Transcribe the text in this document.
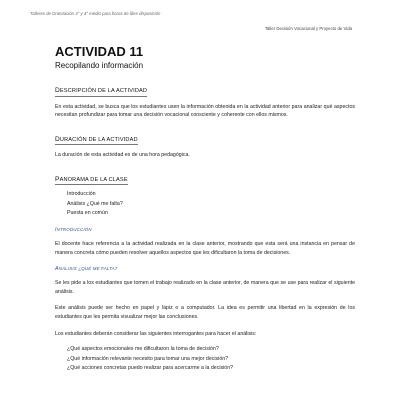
Talleres de Orientación 3° y 4° medio para horas de libre disposición
Taller Decisión Vocacional y Proyecto de Vida
ACTIVIDAD 11
Recopilando información
DESCRIPCIÓN DE LA ACTIVIDAD

En esta actividad, se busca que los estudiantes usen la información obtenida en la actividad anterior para analizar qué aspectos necesitan profundizar para tomar una decisión vocacional consciente y coherente con ellos mismos.

DURACIÓN DE LA ACTIVIDAD

La duración de esta actividad es de una hora pedagógica.

PANORAMA DE LA CLASE
Introducción
Análisis ¿Qué me falta?
Puesta en común
INTRODUCCIÓN

El docente hace referencia a la actividad realizada en la clase anterior, mostrando que esta será una instancia en pensar de manera concreta cómo pueden resolver aquellos aspectos que les dificultaron la toma de decisiones.

ANÁLISIS ¿QUÉ ME FALTA?

Se les pide a los estudiantes que tomen el trabajo realizado en la clase anterior, de manera que se use para realizar el siguiente análisis.

Este análisis puede ser hecho en papel y lápiz o a computador. La idea es permitir una libertad en la expresión de los estudiantes que les permita visualizar mejor las conclusiones.

Los estudiantes deberán considerar las siguientes interrogantes para hacer el análisis:

¿Qué aspectos emocionales me dificultaron la toma de decisión?
¿Qué información relevante necesito para tomar una mejor decisión?
¿Qué acciones concretas puedo realizar para acercarme a la decisión?
